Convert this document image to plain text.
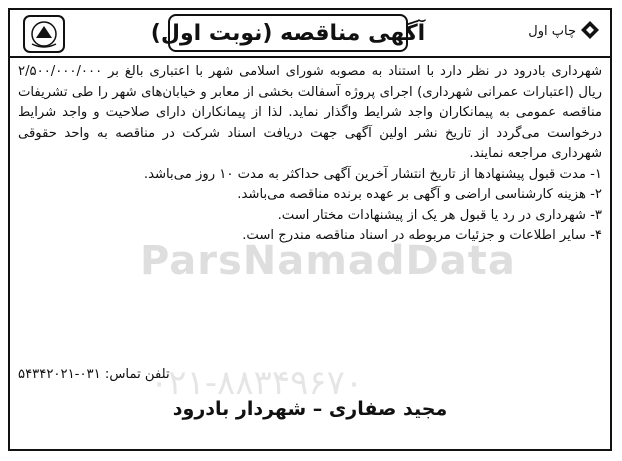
آگهی مناقصه (نوبت اول)	چاپ اول
ParsNamadData
۰۲۱-۸۸۳۴۹۶۷۰

شهرداری بادرود در نظر دارد با استناد به مصوبه شورای اسلامی شهر با اعتباری بالغ بر ۲/۵۰۰/۰۰۰/۰۰۰ ریال (اعتبارات عمرانی شهرداری) اجرای پروژه آسفالت بخشی از معابر و خیابان‌های شهر را طی تشریفات مناقصه عمومی به پیمانکاران واجد شرایط واگذار نماید. لذا از پیمانکاران دارای صلاحیت و واجد شرایط درخواست می‌گردد از تاریخ نشر اولین آگهی جهت دریافت اسناد شرکت در مناقصه به واحد حقوقی شهرداری مراجعه نمایند.

۱- مدت قبول پیشنهادها از تاریخ انتشار آخرین آگهی حداکثر به مدت ۱۰ روز می‌باشد.

۲- هزینه کارشناسی اراضی و آگهی بر عهده برنده مناقصه می‌باشد.

۳- شهرداری در رد یا قبول هر یک از پیشنهادات مختار است.

۴- سایر اطلاعات و جزئیات مربوطه در اسناد مناقصه مندرج است.

تلفن تماس: ۰۳۱-۵۴۳۴۲۰۲۱
مجید صفاری – شهردار بادرود
